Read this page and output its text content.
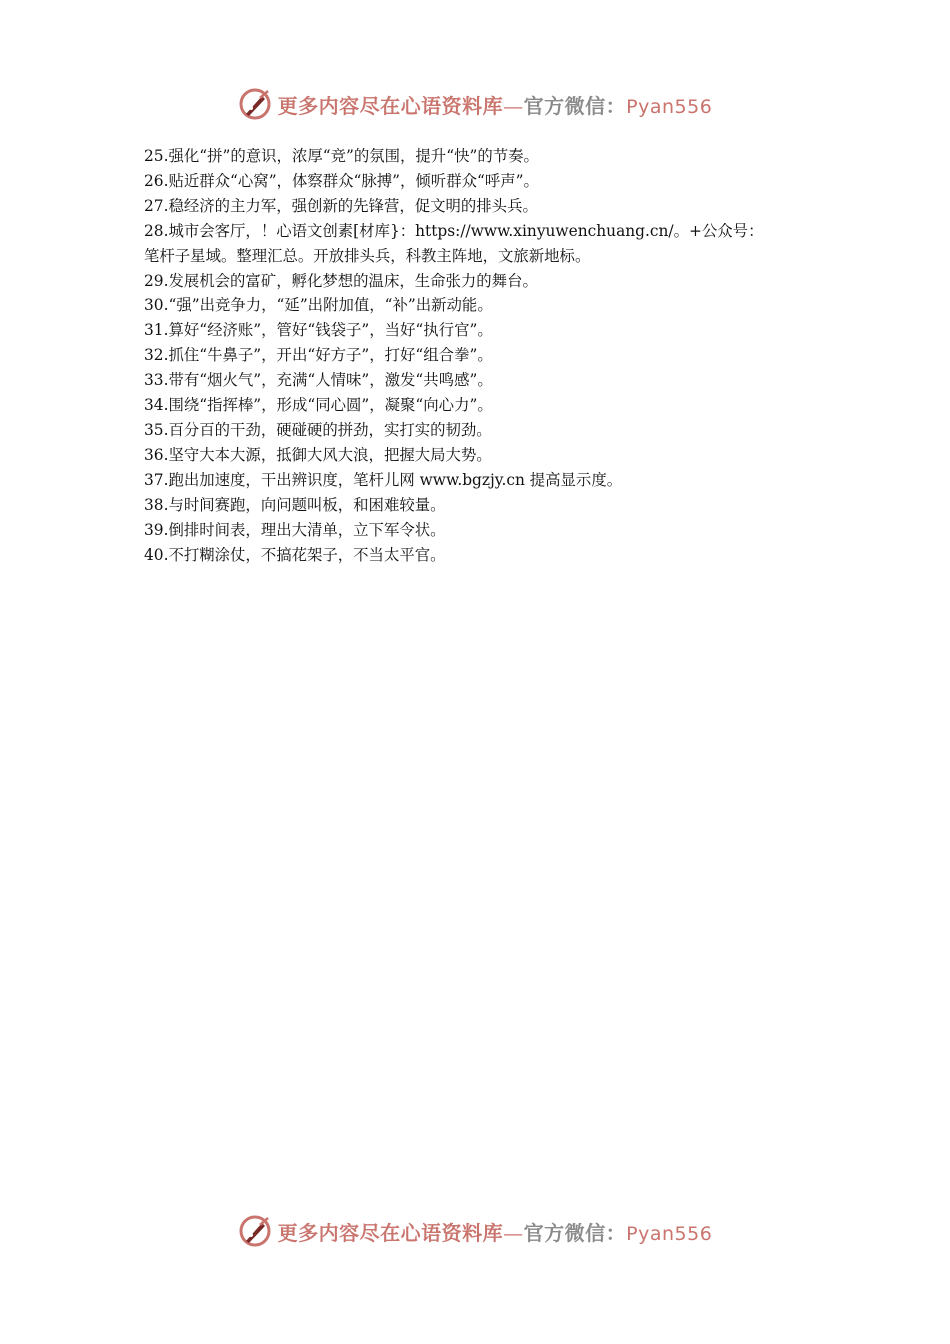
更多内容尽在心语资料库—官方微信：Pyan556
25.强化“拼”的意识，浓厚“竞”的氛围，提升“快”的节奏。
26.贴近群众“心窝”，体察群众“脉搏”，倾听群众“呼声”。
27.稳经济的主力军，强创新的先锋营，促文明的排头兵。
28.城市会客厅，！心语文创素[材库}：https://www.xinyuwenchuang.cn/。+公众号：
笔杆子星域。整理汇总。开放排头兵，科教主阵地，文旅新地标。
29.发展机会的富矿，孵化梦想的温床，生命张力的舞台。
30.“强”出竞争力，“延”出附加值，“补”出新动能。
31.算好“经济账”，管好“钱袋子”，当好“执行官”。
32.抓住“牛鼻子”，开出“好方子”，打好“组合拳”。
33.带有“烟火气”，充满“人情味”，激发“共鸣感”。
34.围绕“指挥棒”，形成“同心圆”，凝聚“向心力”。
35.百分百的干劲，硬碰硬的拼劲，实打实的韧劲。
36.坚守大本大源，抵御大风大浪，把握大局大势。
37.跑出加速度，干出辨识度，笔杆儿网 www.bgzjy.cn 提高显示度。
38.与时间赛跑，向问题叫板，和困难较量。
39.倒排时间表，理出大清单，立下军令状。
40.不打糊涂仗，不搞花架子，不当太平官。
更多内容尽在心语资料库—官方微信：Pyan556
